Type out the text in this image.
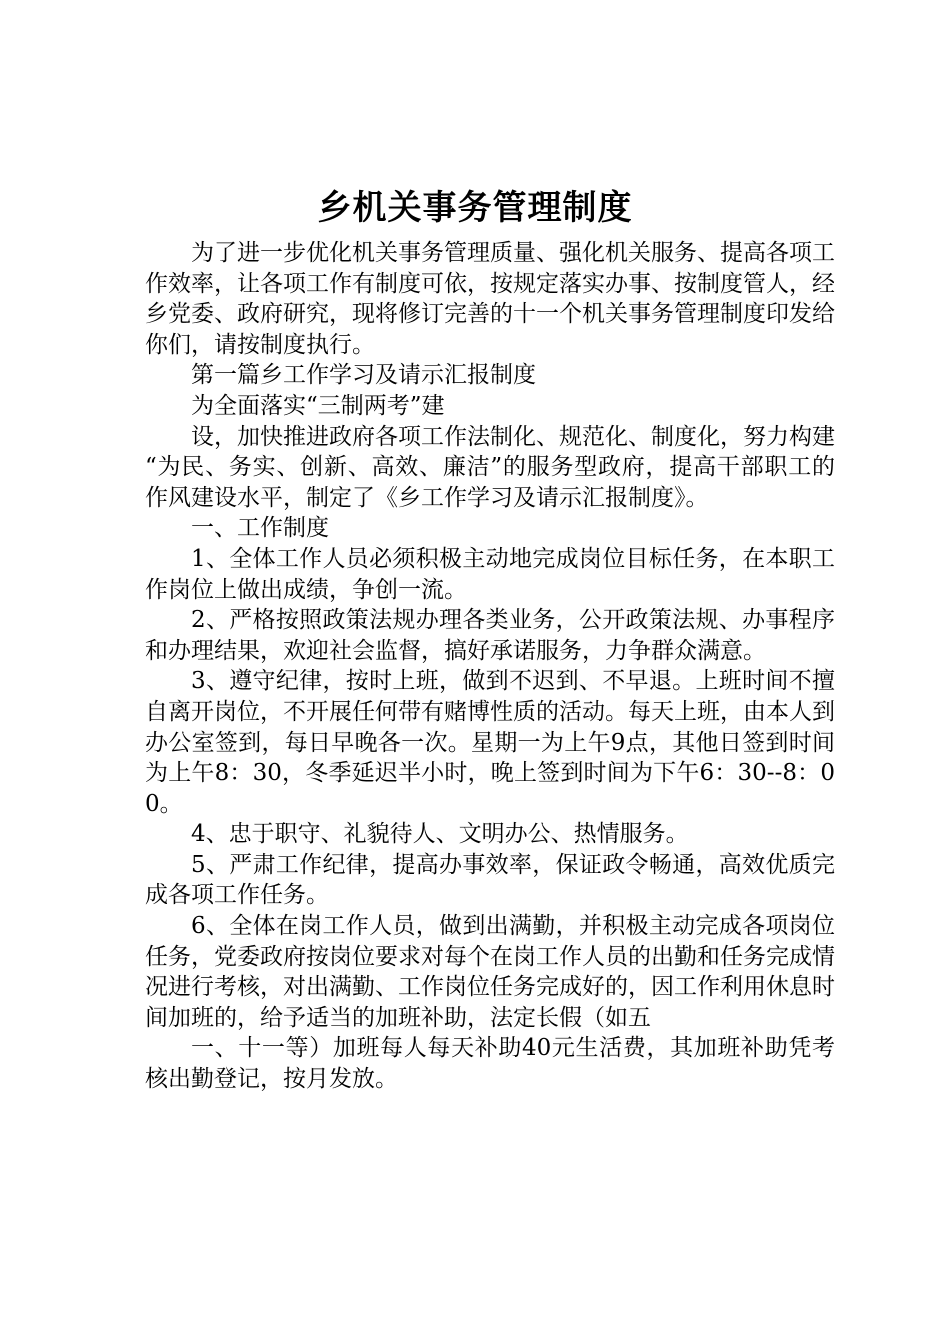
乡机关事务管理制度

为了进一步优化机关事务管理质量、强化机关服务、提高各项工作效率，让各项工作有制度可依，按规定落实办事、按制度管人，经乡党委、政府研究，现将修订完善的十一个机关事务管理制度印发给你们，请按制度执行。

第一篇乡工作学习及请示汇报制度

为全面落实“三制两考”建

设，加快推进政府各项工作法制化、规范化、制度化，努力构建“为民、务实、创新、高效、廉洁”的服务型政府，提高干部职工的作风建设水平，制定了《乡工作学习及请示汇报制度》。

一、工作制度

1、全体工作人员必须积极主动地完成岗位目标任务，在本职工作岗位上做出成绩，争创一流。

2、严格按照政策法规办理各类业务，公开政策法规、办事程序和办理结果，欢迎社会监督，搞好承诺服务，力争群众满意。

3、遵守纪律，按时上班，做到不迟到、不早退。上班时间不擅自离开岗位，不开展任何带有赌博性质的活动。每天上班，由本人到办公室签到，每日早晚各一次。星期一为上午9点，其他日签到时间为上午8：30，冬季延迟半小时，晚上签到时间为下午6：30--8：00。

4、忠于职守、礼貌待人、文明办公、热情服务。

5、严肃工作纪律，提高办事效率，保证政令畅通，高效优质完成各项工作任务。

6、全体在岗工作人员，做到出满勤，并积极主动完成各项岗位任务，党委政府按岗位要求对每个在岗工作人员的出勤和任务完成情况进行考核，对出满勤、工作岗位任务完成好的，因工作利用休息时间加班的，给予适当的加班补助，法定长假（如五

一、十一等）加班每人每天补助40元生活费，其加班补助凭考核出勤登记，按月发放。
